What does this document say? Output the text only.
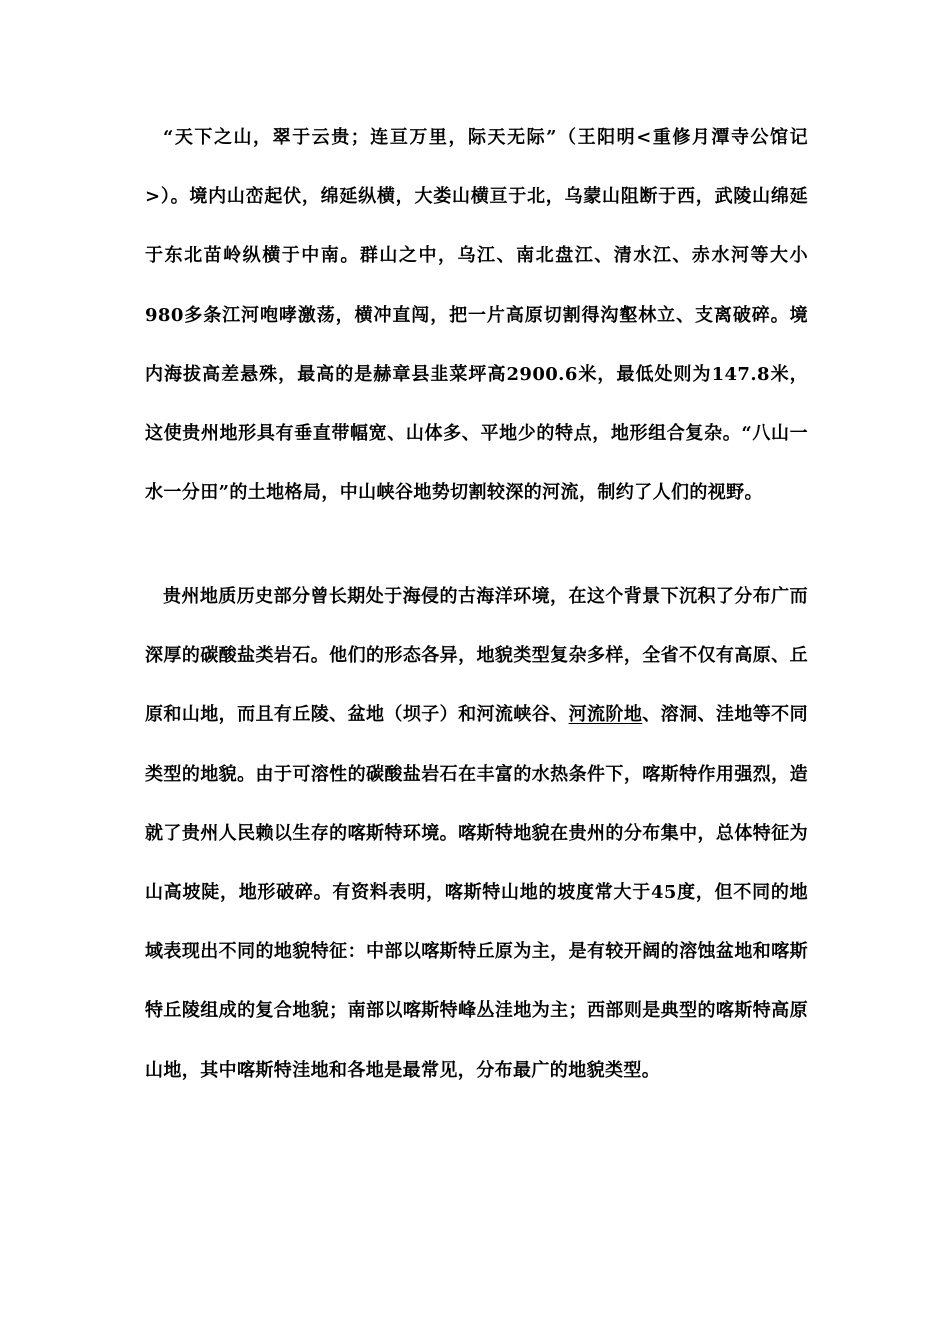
“天下之山，翠于云贵；连亘万里，际天无际”（王阳明<重修月潭寺公馆记>）。境内山峦起伏，绵延纵横，大娄山横亘于北，乌蒙山阻断于西，武陵山绵延于东北苗岭纵横于中南。群山之中，乌江、南北盘江、清水江、赤水河等大小980多条江河咆哮激荡，横冲直闯，把一片高原切割得沟壑林立、支离破碎。境内海拔高差悬殊，最高的是赫章县韭菜坪高2900.6米，最低处则为147.8米，这使贵州地形具有垂直带幅宽、山体多、平地少的特点，地形组合复杂。“八山一水一分田”的土地格局，中山峡谷地势切割较深的河流，制约了人们的视野。

贵州地质历史部分曾长期处于海侵的古海洋环境，在这个背景下沉积了分布广而深厚的碳酸盐类岩石。他们的形态各异，地貌类型复杂多样，全省不仅有高原、丘原和山地，而且有丘陵、盆地（坝子）和河流峡谷、河流阶地、溶洞、洼地等不同类型的地貌。由于可溶性的碳酸盐岩石在丰富的水热条件下，喀斯特作用强烈，造就了贵州人民赖以生存的喀斯特环境。喀斯特地貌在贵州的分布集中，总体特征为山高坡陡，地形破碎。有资料表明，喀斯特山地的坡度常大于45度，但不同的地域表现出不同的地貌特征：中部以喀斯特丘原为主，是有较开阔的溶蚀盆地和喀斯特丘陵组成的复合地貌；南部以喀斯特峰丛洼地为主；西部则是典型的喀斯特高原山地，其中喀斯特洼地和各地是最常见，分布最广的地貌类型。
